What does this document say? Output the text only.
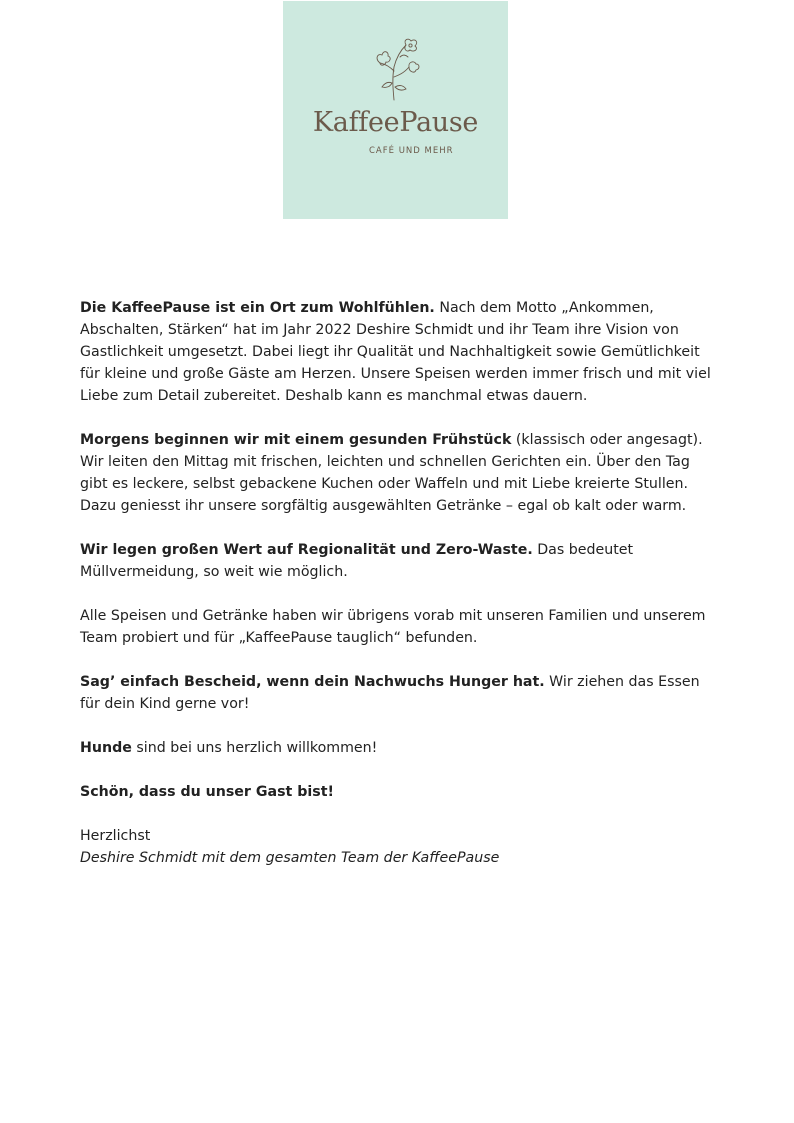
KaffeePause
CAFÉ UND MEHR

Die KaffeePause ist ein Ort zum Wohlfühlen. Nach dem Motto „Ankommen, Abschalten, Stärken“ hat im Jahr 2022 Deshire Schmidt und ihr Team ihre Vision von Gastlichkeit umgesetzt. Dabei liegt ihr Qualität und Nachhaltigkeit sowie Gemütlichkeit für kleine und große Gäste am Herzen. Unsere Speisen werden immer frisch und mit viel Liebe zum Detail zubereitet. Deshalb kann es manchmal etwas dauern.

Morgens beginnen wir mit einem gesunden Frühstück (klassisch oder angesagt). Wir leiten den Mittag mit frischen, leichten und schnellen Gerichten ein. Über den Tag gibt es leckere, selbst gebackene Kuchen oder Waffeln und mit Liebe kreierte Stullen. Dazu geniesst ihr unsere sorgfältig ausgewählten Getränke – egal ob kalt oder warm.

Wir legen großen Wert auf Regionalität und Zero-Waste. Das bedeutet Müllvermeidung, so weit wie möglich.

Alle Speisen und Getränke haben wir übrigens vorab mit unseren Familien und unserem Team probiert und für „KaffeePause tauglich“ befunden.

Sag’ einfach Bescheid, wenn dein Nachwuchs Hunger hat. Wir ziehen das Essen für dein Kind gerne vor!

Hunde sind bei uns herzlich willkommen!

Schön, dass du unser Gast bist!

Herzlichst
Deshire Schmidt mit dem gesamten Team der KaffeePause
